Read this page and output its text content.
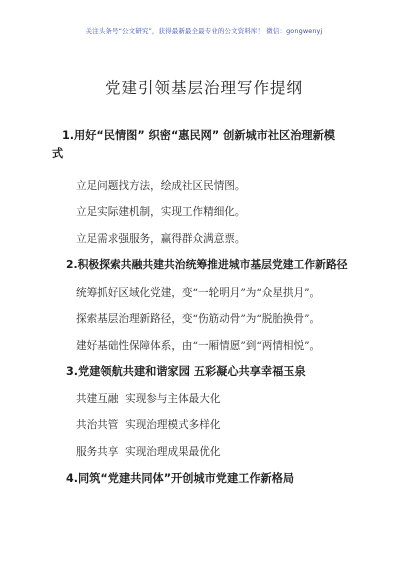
关注头条号“公文研究”，获得最新最全最专业的公文资料库！ 微信：gongwenyj
党建引领基层治理写作提纲
1.用好“民情图” 织密“惠民网” 创新城市社区治理新模
式
立足问题找方法，绘成社区民情图。
立足实际建机制，实现工作精细化。
立足需求强服务，赢得群众满意票。
2.积极探索共融共建共治统筹推进城市基层党建工作新路径
统筹抓好区域化党建，变“一轮明月”为“众星拱月”。
探索基层治理新路径，变“伤筋动骨”为“脱胎换骨”。
建好基础性保障体系，由“一厢情愿”到“两情相悦”。
3.党建领航共建和谐家园 五彩凝心共享幸福玉泉
共建互融  实现参与主体最大化
共治共管  实现治理模式多样化
服务共享  实现治理成果最优化
4.同筑“党建共同体”开创城市党建工作新格局
